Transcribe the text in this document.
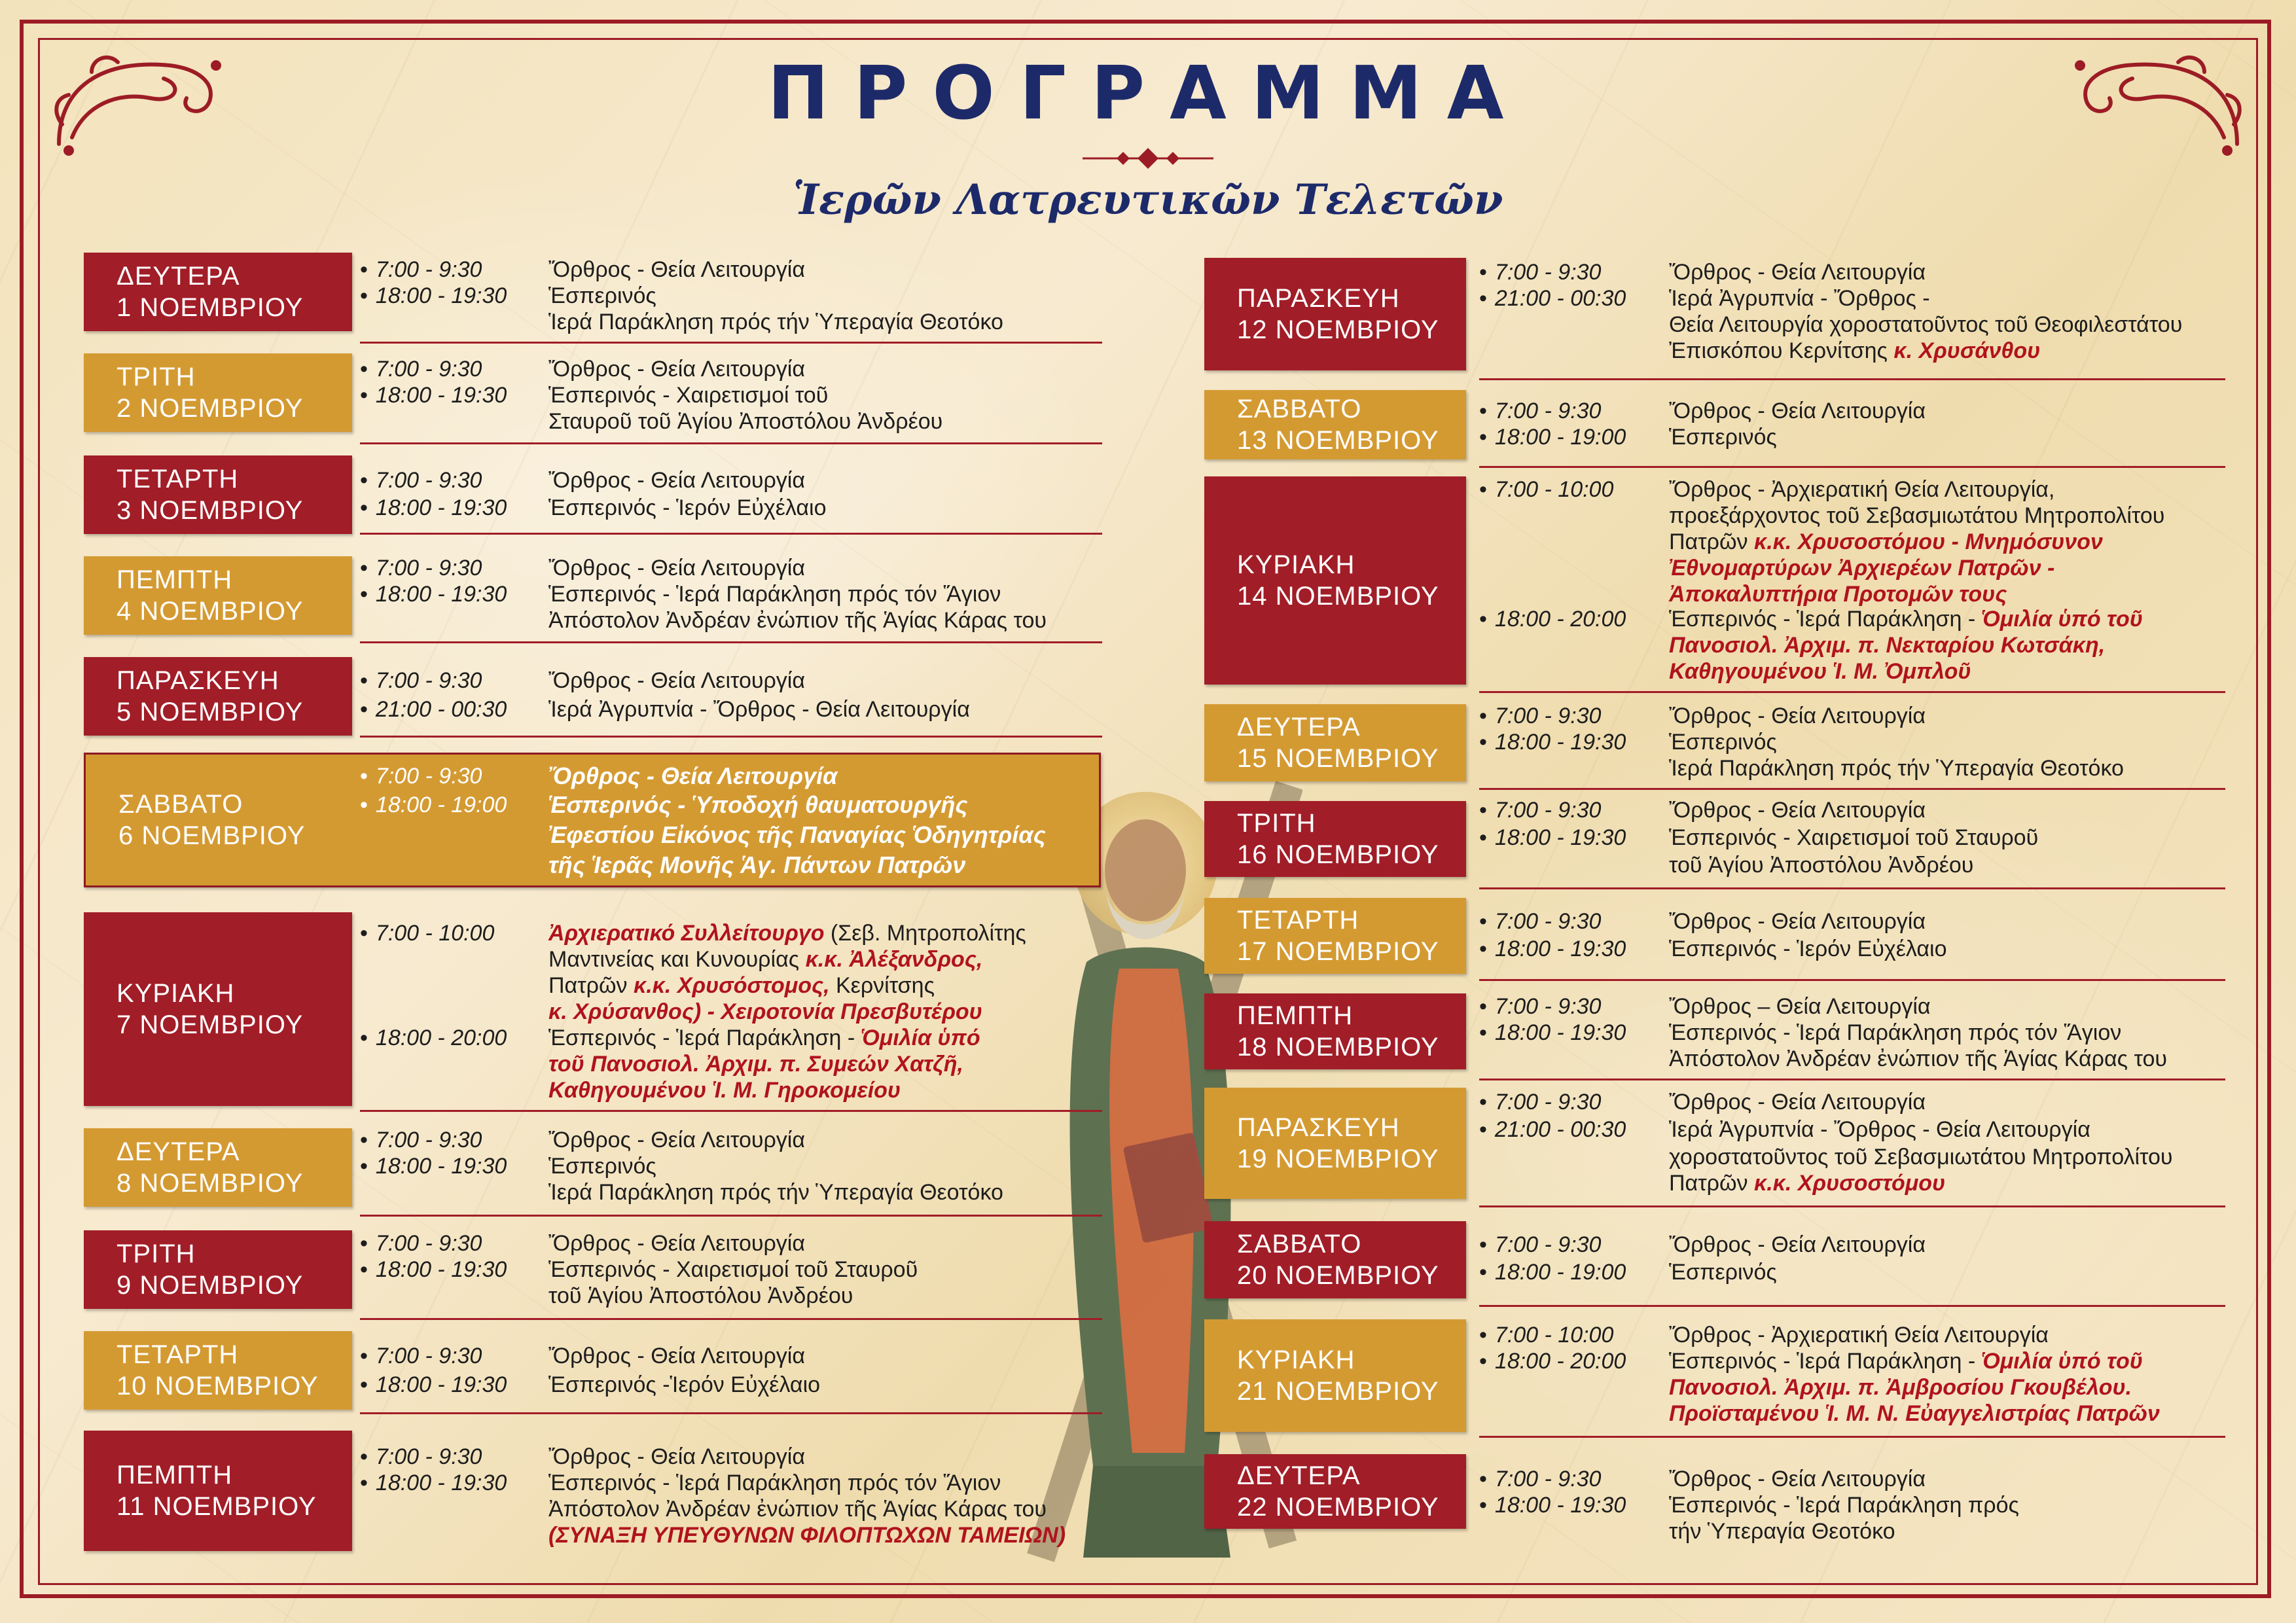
ΠΡΟΓΡΑΜΜΑ
Ἱερῶν Λατρευτικῶν Τελετῶν
ΔΕΥΤΕΡΑ
1 ΝΟΕΜΒΡΙΟΥ
• 7:00 - 9:30	Ὄρθρος - Θεία Λειτουργία
• 18:00 - 19:30 Ἑσπερινός
Ἱερά Παράκληση πρός τήν Ὑπεραγία Θεοτόκο
ΤΡΙΤΗ
2 ΝΟΕΜΒΡΙΟΥ
• 7:00 - 9:30	Ὄρθρος - Θεία Λειτουργία
• 18:00 - 19:30 Ἑσπερινός - Χαιρετισμοί τοῦ
Σταυροῦ τοῦ Ἁγίου Ἀποστόλου Ἀνδρέου
ΤΕΤΑΡΤΗ
3 ΝΟΕΜΒΡΙΟΥ
• 7:00 - 9:30	Ὄρθρος - Θεία Λειτουργία
• 18:00 - 19:30 Ἑσπερινός - Ἱερόν Εὐχέλαιο
ΠΕΜΠΤΗ
4 ΝΟΕΜΒΡΙΟΥ
• 7:00 - 9:30	Ὄρθρος - Θεία Λειτουργία
• 18:00 - 19:30 Ἑσπερινός - Ἱερά Παράκληση πρός τόν Ἅγιον
Ἀπόστολον Ἀνδρέαν ἐνώπιον τῆς Ἁγίας Κάρας του
ΠΑΡΑΣΚΕΥΗ
5 ΝΟΕΜΒΡΙΟΥ
• 7:00 - 9:30	Ὄρθρος - Θεία Λειτουργία
• 21:00 - 00:30 Ἱερά Ἀγρυπνία - Ὄρθρος - Θεία Λειτουργία
ΣΑΒΒΑΤΟ
6 ΝΟΕΜΒΡΙΟΥ
• 7:00 - 9:30	Ὄρθρος - Θεία Λειτουργία
• 18:00 - 19:00 Ἑσπερινός - Ὑποδοχή θαυματουργῆς
Ἐφεστίου Εἰκόνος τῆς Παναγίας Ὁδηγητρίας
τῆς Ἱερᾶς Μονῆς Ἁγ. Πάντων Πατρῶν
ΚΥΡΙΑΚΗ
7 ΝΟΕΜΒΡΙΟΥ
• 7:00 - 10:00 Ἀρχιερατικό Συλλείτουργο (Σεβ. Μητροπολίτης
Μαντινείας και Κυνουρίας κ.κ. Ἀλέξανδρος,
Πατρῶν κ.κ. Χρυσόστομος, Κερνίτσης
κ. Χρύσανθος) - Χειροτονία Πρεσβυτέρου
• 18:00 - 20:00 Ἑσπερινός - Ἱερά Παράκληση - Ὁμιλία ὑπό
τοῦ Πανοσιολ. Ἀρχιμ. π. Συμεών Χατζῆ,
Καθηγουμένου Ἱ. Μ. Γηροκομείου
ΔΕΥΤΕΡΑ
8 ΝΟΕΜΒΡΙΟΥ
• 7:00 - 9:30	Ὄρθρος - Θεία Λειτουργία
• 18:00 - 19:30 Ἑσπερινός
Ἱερά Παράκληση πρός τήν Ὑπεραγία Θεοτόκο
ΤΡΙΤΗ
9 ΝΟΕΜΒΡΙΟΥ
• 7:00 - 9:30	Ὄρθρος - Θεία Λειτουργία
• 18:00 - 19:30 Ἑσπερινός - Χαιρετισμοί τοῦ Σταυροῦ
τοῦ Ἁγίου Ἀποστόλου Ἀνδρέου
ΤΕΤΑΡΤΗ
10 ΝΟΕΜΒΡΙΟΥ
• 7:00 - 9:30	Ὄρθρος - Θεία Λειτουργία
• 18:00 - 19:30 Ἑσπερινός -Ἱερόν Εὐχέλαιο
ΠΕΜΠΤΗ
11 ΝΟΕΜΒΡΙΟΥ
• 7:00 - 9:30	Ὄρθρος - Θεία Λειτουργία
• 18:00 - 19:30 Ἑσπερινός - Ἱερά Παράκληση πρός τόν Ἅγιον
Ἀπόστολον Ἀνδρέαν ἐνώπιον τῆς Ἁγίας Κάρας του
(ΣΥΝΑΞΗ ΥΠΕΥΘΥΝΩΝ ΦΙΛΟΠΤΩΧΩΝ ΤΑΜΕΙΩΝ)
ΠΑΡΑΣΚΕΥΗ
12 ΝΟΕΜΒΡΙΟΥ
• 7:00 - 9:30	Ὄρθρος - Θεία Λειτουργία
• 21:00 - 00:30 Ἱερά Ἀγρυπνία - Ὄρθρος -
Θεία Λειτουργία χοροστατοῦντος τοῦ Θεοφιλεστάτου
Ἐπισκόπου Κερνίτσης κ. Χρυσάνθου
ΣΑΒΒΑΤΟ
13 ΝΟΕΜΒΡΙΟΥ
• 7:00 - 9:30	Ὄρθρος - Θεία Λειτουργία
• 18:00 - 19:00 Ἑσπερινός
ΚΥΡΙΑΚΗ
14 ΝΟΕΜΒΡΙΟΥ
• 7:00 - 10:00 Ὄρθρος - Ἀρχιερατική Θεία Λειτουργία,
προεξάρχοντος τοῦ Σεβασμιωτάτου Μητροπολίτου
Πατρῶν κ.κ. Χρυσοστόμου - Μνημόσυνον
Ἐθνομαρτύρων Ἀρχιερέων Πατρῶν -
Ἀποκαλυπτήρια Προτομῶν τους
• 18:00 - 20:00 Ἑσπερινός - Ἱερά Παράκληση - Ὁμιλία ὑπό τοῦ
Πανοσιολ. Ἀρχιμ. π. Νεκταρίου Κωτσάκη,
Καθηγουμένου Ἱ. Μ. Ὀμπλοῦ
ΔΕΥΤΕΡΑ
15 ΝΟΕΜΒΡΙΟΥ
• 7:00 - 9:30	Ὄρθρος - Θεία Λειτουργία
• 18:00 - 19:30 Ἑσπερινός
Ἱερά Παράκληση πρός τήν Ὑπεραγία Θεοτόκο
ΤΡΙΤΗ
16 ΝΟΕΜΒΡΙΟΥ
• 7:00 - 9:30	Ὄρθρος - Θεία Λειτουργία
• 18:00 - 19:30 Ἑσπερινός - Χαιρετισμοί τοῦ Σταυροῦ
τοῦ Ἁγίου Ἀποστόλου Ἀνδρέου
ΤΕΤΑΡΤΗ
17 ΝΟΕΜΒΡΙΟΥ
• 7:00 - 9:30	Ὄρθρος - Θεία Λειτουργία
• 18:00 - 19:30 Ἑσπερινός - Ἱερόν Εὐχέλαιο
ΠΕΜΠΤΗ
18 ΝΟΕΜΒΡΙΟΥ
• 7:00 - 9:30	Ὄρθρος – Θεία Λειτουργία
• 18:00 - 19:30 Ἑσπερινός - Ἱερά Παράκληση πρός τόν Ἅγιον
Ἀπόστολον Ἀνδρέαν ἐνώπιον τῆς Ἁγίας Κάρας του
ΠΑΡΑΣΚΕΥΗ
19 ΝΟΕΜΒΡΙΟΥ
• 7:00 - 9:30	Ὄρθρος - Θεία Λειτουργία
• 21:00 - 00:30 Ἱερά Ἀγρυπνία - Ὄρθρος - Θεία Λειτουργία
χοροστατοῦντος τοῦ Σεβασμιωτάτου Μητροπολίτου
Πατρῶν κ.κ. Χρυσοστόμου
ΣΑΒΒΑΤΟ
20 ΝΟΕΜΒΡΙΟΥ
• 7:00 - 9:30	Ὄρθρος - Θεία Λειτουργία
• 18:00 - 19:00 Ἑσπερινός
ΚΥΡΙΑΚΗ
21 ΝΟΕΜΒΡΙΟΥ
• 7:00 - 10:00 Ὄρθρος - Ἀρχιερατική Θεία Λειτουργία
• 18:00 - 20:00 Ἑσπερινός - Ἱερά Παράκληση - Ὁμιλία ὑπό τοῦ
Πανοσιολ. Ἀρχιμ. π. Ἀμβροσίου Γκουβέλου.
Προϊσταμένου Ἱ. Μ. Ν. Εὐαγγελιστρίας Πατρῶν
ΔΕΥΤΕΡΑ
22 ΝΟΕΜΒΡΙΟΥ
• 7:00 - 9:30	Ὄρθρος - Θεία Λειτουργία
• 18:00 - 19:30 Ἑσπερινός - Ἱερά Παράκληση πρός
τήν Ὑπεραγία Θεοτόκο
